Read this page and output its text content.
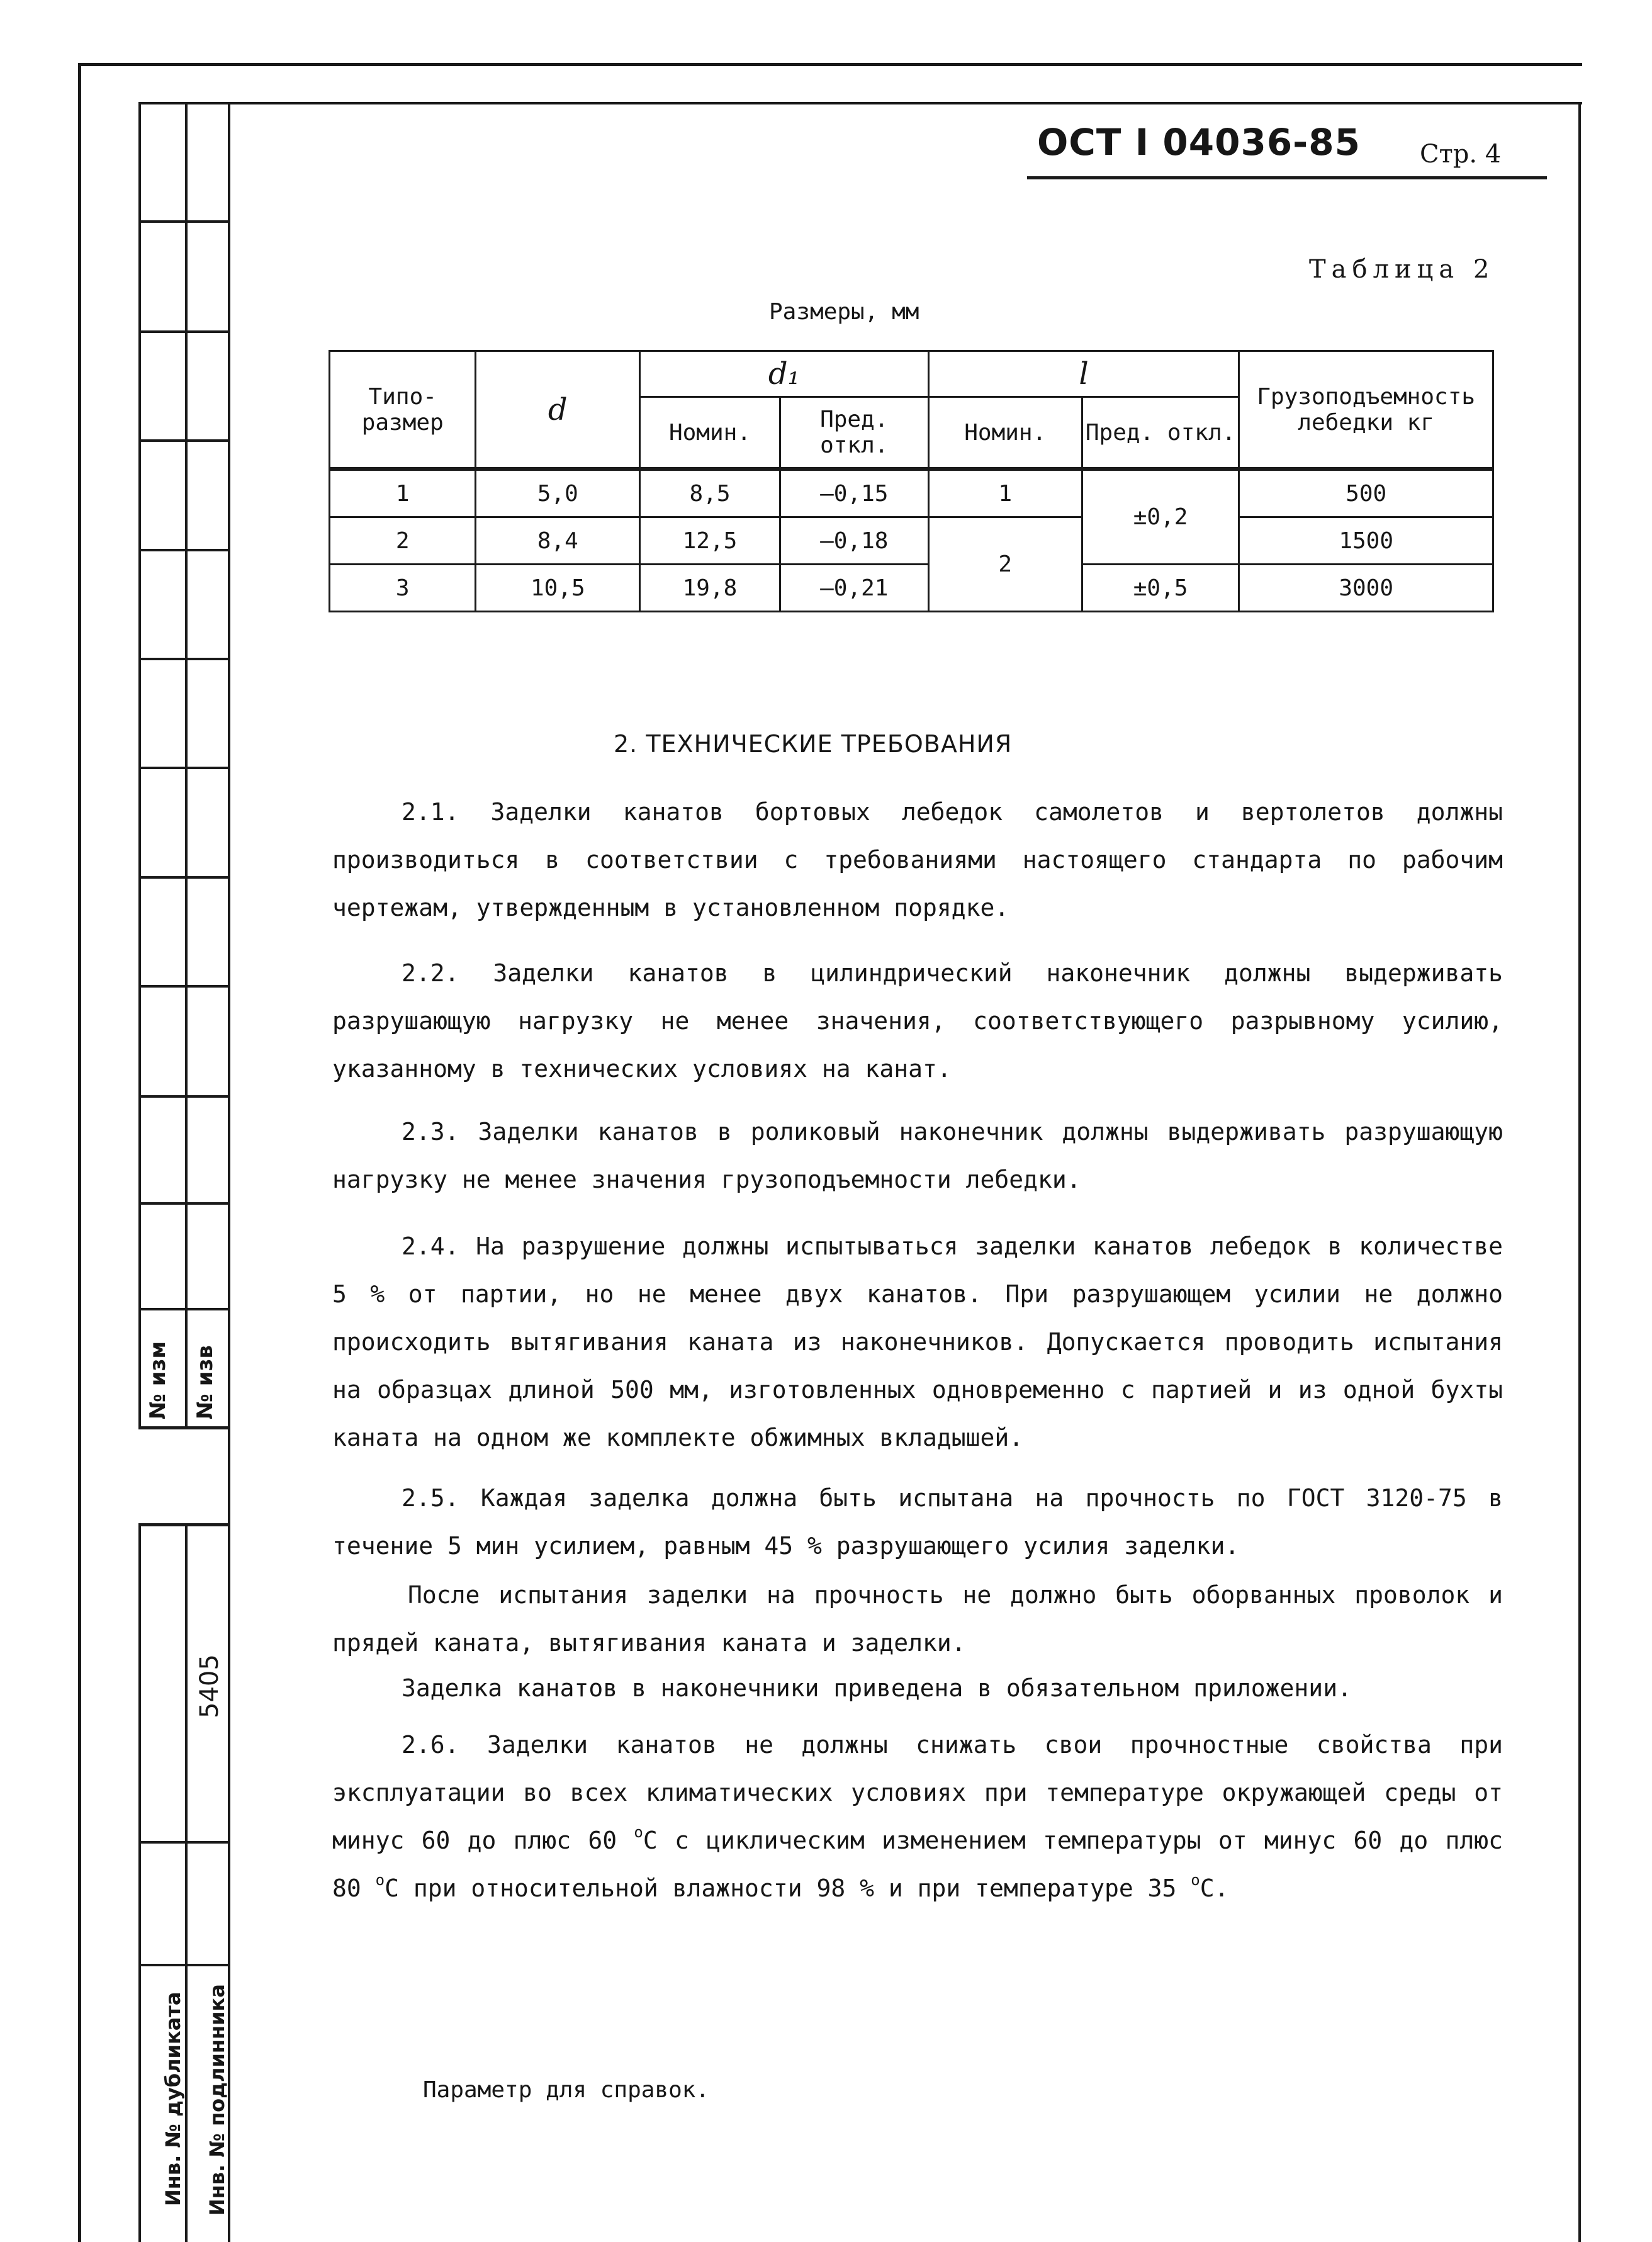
№ изм № изв
5405
Инв. № дубликата Инв. № подлинника
ОСТ I 04036-85 Стр. 4
Таблица 2
Размеры, мм
Типо-размер	d	d₁		l		Грузоподъемность лебедки кг
		Номин.	Пред. откл.	Номин.	Пред. откл.	
1	5,0	8,5	–0,15	1	±0,2	500
2	8,4	12,5	–0,18	2		1500
3	10,5	19,8	–0,21		±0,5	3000
2. ТЕХНИЧЕСКИЕ ТРЕБОВАНИЯ
2.1. Заделки канатов бортовых лебедок самолетов и вертолетов должны производиться в соответствии с требованиями настоящего стандарта по рабочим чертежам, утвержденным в установленном порядке.
2.2. Заделки канатов в цилиндрический наконечник должны выдерживать разрушающую нагрузку не менее значения, соответствующего разрывному усилию, указанному в технических условиях на канат.
2.3. Заделки канатов в роликовый наконечник должны выдерживать разрушающую нагрузку не менее значения грузоподъемности лебедки.
2.4. На разрушение должны испытываться заделки канатов лебедок в количестве 5 % от партии, но не менее двух канатов. При разрушающем усилии не должно происходить вытягивания каната из наконечников. Допускается проводить испытания на образцах длиной 500 мм, изготовленных одновременно с партией и из одной бухты каната на одном же комплекте обжимных вкладышей.
2.5. Каждая заделка должна быть испытана на прочность по ГОСТ 3120-75 в течение 5 мин усилием, равным 45 % разрушающего усилия заделки.
После испытания заделки на прочность не должно быть оборванных проволок и прядей каната, вытягивания каната и заделки.
Заделка канатов в наконечники приведена в обязательном приложении.
2.6. Заделки канатов не должны снижать свои прочностные свойства при эксплуатации во всех климатических условиях при температуре окружающей среды от минус 60 до плюс 60 $^о$С с циклическим изменением температуры от минус 60 до плюс 80 $^о$С при относительной влажности 98 % и при температуре 35 $^о$С.
Параметр для справок.
